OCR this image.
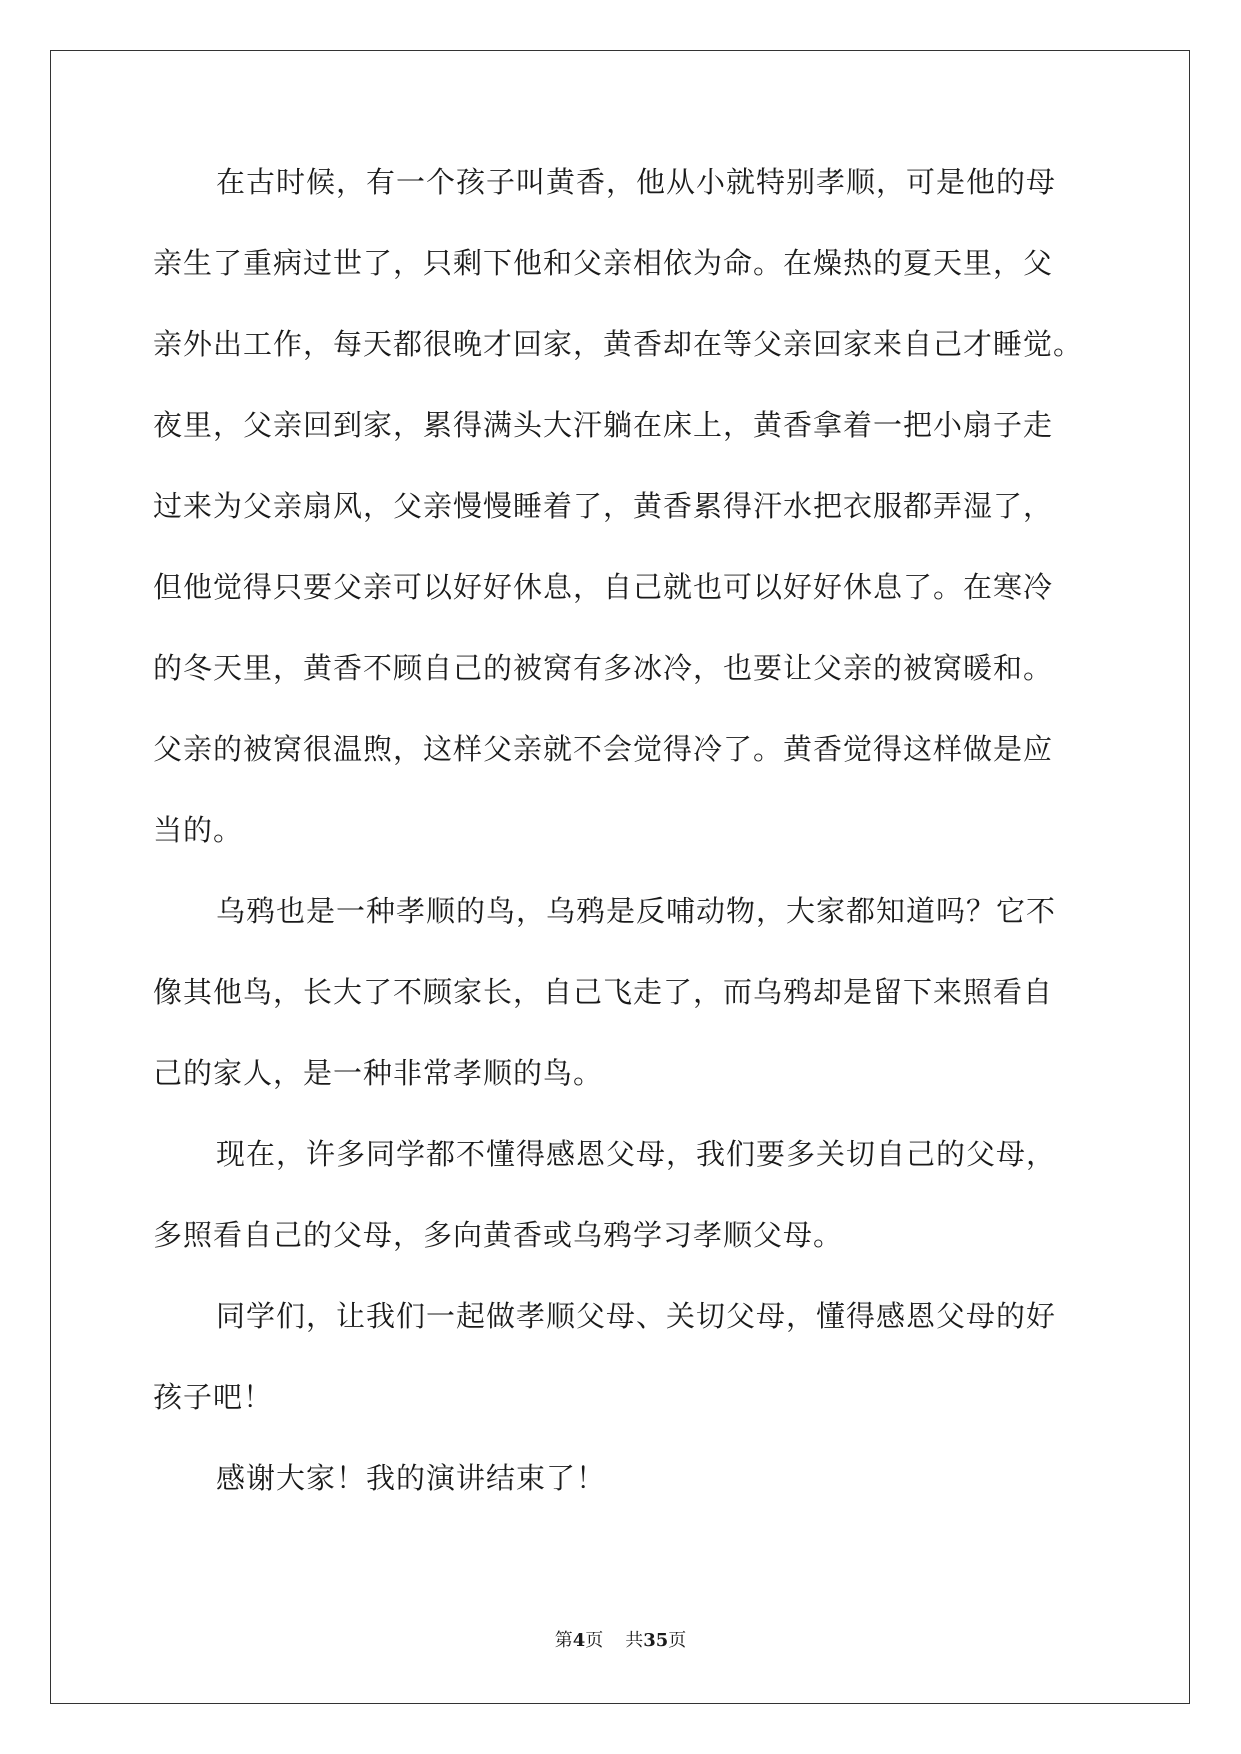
在古时候，有一个孩子叫黄香，他从小就特别孝顺，可是他的母
亲生了重病过世了，只剩下他和父亲相依为命。在燥热的夏天里，父
亲外出工作，每天都很晚才回家，黄香却在等父亲回家来自己才睡觉。
夜里，父亲回到家，累得满头大汗躺在床上，黄香拿着一把小扇子走
过来为父亲扇风，父亲慢慢睡着了，黄香累得汗水把衣服都弄湿了，
但他觉得只要父亲可以好好休息，自己就也可以好好休息了。在寒冷
的冬天里，黄香不顾自己的被窝有多冰冷，也要让父亲的被窝暖和。
父亲的被窝很温煦，这样父亲就不会觉得冷了。黄香觉得这样做是应
当的。
乌鸦也是一种孝顺的鸟，乌鸦是反哺动物，大家都知道吗？它不
像其他鸟，长大了不顾家长，自己飞走了，而乌鸦却是留下来照看自
己的家人，是一种非常孝顺的鸟。
现在，许多同学都不懂得感恩父母，我们要多关切自己的父母，
多照看自己的父母，多向黄香或乌鸦学习孝顺父母。
同学们，让我们一起做孝顺父母、关切父母，懂得感恩父母的好
孩子吧！
感谢大家！我的演讲结束了！
第4页 共35页
